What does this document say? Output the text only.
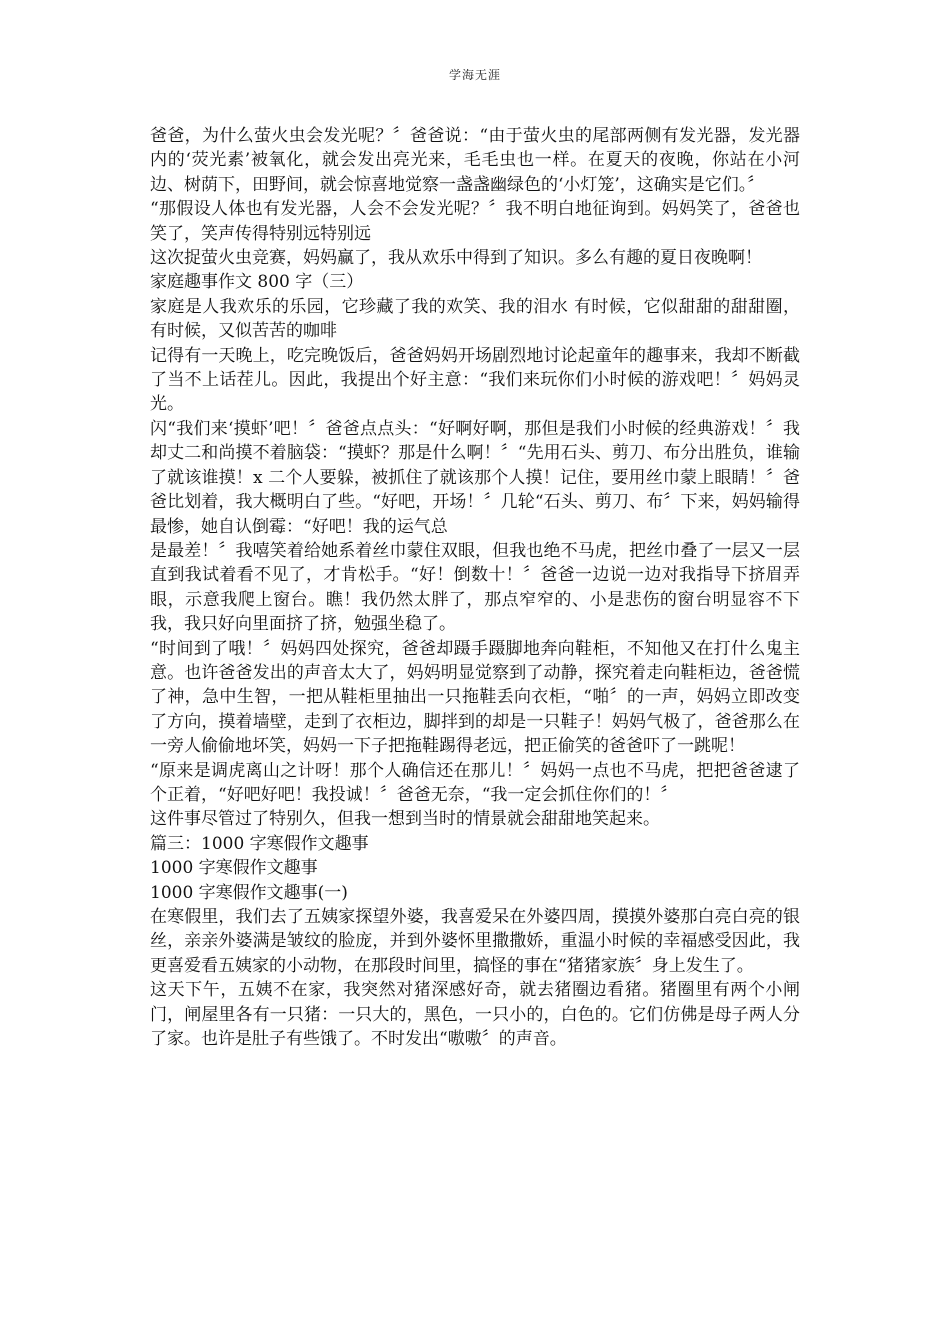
学海无涯

爸爸，为什么萤火虫会发光呢？〞爸爸说：“由于萤火虫的尾部两侧有发光器，发光器内的‘荧光素’被氧化，就会发出亮光来，毛毛虫也一样。在夏天的夜晚，你站在小河边、树荫下，田野间，就会惊喜地觉察一盏盏幽绿色的‘小灯笼’，这确实是它们。〞

“那假设人体也有发光器，人会不会发光呢？〞我不明白地征询到。妈妈笑了，爸爸也笑了，笑声传得特别远特别远

这次捉萤火虫竞赛，妈妈赢了，我从欢乐中得到了知识。多么有趣的夏日夜晚啊！

家庭趣事作文 800 字（三）

家庭是人我欢乐的乐园，它珍藏了我的欢笑、我的泪水 有时候，它似甜甜的甜甜圈，有时候，又似苦苦的咖啡

记得有一天晚上，吃完晚饭后，爸爸妈妈开场剧烈地讨论起童年的趣事来，我却不断截了当不上话茬儿。因此，我提出个好主意：“我们来玩你们小时候的游戏吧！〞妈妈灵光。

闪“我们来‘摸虾’吧！〞爸爸点点头：“好啊好啊，那但是我们小时候的经典游戏！〞我却丈二和尚摸不着脑袋：“摸虾？那是什么啊！〞“先用石头、剪刀、布分出胜负，谁输了就该谁摸！x 二个人要躲，被抓住了就该那个人摸！记住，要用丝巾蒙上眼睛！〞爸爸比划着，我大概明白了些。“好吧，开场！〞几轮“石头、剪刀、布〞下来，妈妈输得最惨，她自认倒霉：“好吧！我的运气总

是最差！〞我嘻笑着给她系着丝巾蒙住双眼，但我也绝不马虎，把丝巾叠了一层又一层直到我试着看不见了，才肯松手。“好！倒数十！〞爸爸一边说一边对我指导下挤眉弄眼，示意我爬上窗台。瞧！我仍然太胖了，那点窄窄的、小是悲伤的窗台明显容不下我，我只好向里面挤了挤，勉强坐稳了。

“时间到了哦！〞妈妈四处探究，爸爸却蹑手蹑脚地奔向鞋柜，不知他又在打什么鬼主意。也许爸爸发出的声音太大了，妈妈明显觉察到了动静，探究着走向鞋柜边，爸爸慌了神，急中生智，一把从鞋柜里抽出一只拖鞋丢向衣柜，“啪〞的一声，妈妈立即改变了方向，摸着墙壁，走到了衣柜边，脚拌到的却是一只鞋子！妈妈气极了，爸爸那么在一旁人偷偷地坏笑，妈妈一下子把拖鞋踢得老远，把正偷笑的爸爸吓了一跳呢！

“原来是调虎离山之计呀！那个人确信还在那儿！〞妈妈一点也不马虎，把把爸爸逮了个正着，“好吧好吧！我投诚！〞爸爸无奈，“我一定会抓住你们的！〞

这件事尽管过了特别久，但我一想到当时的情景就会甜甜地笑起来。

篇三：1000 字寒假作文趣事

1000 字寒假作文趣事

1000 字寒假作文趣事(一)

在寒假里，我们去了五姨家探望外婆，我喜爱呆在外婆四周，摸摸外婆那白亮白亮的银丝，亲亲外婆满是皱纹的脸庞，并到外婆怀里撒撒娇，重温小时候的幸福感受因此，我更喜爱看五姨家的小动物，在那段时间里，搞怪的事在“猪猪家族〞身上发生了。

这天下午，五姨不在家，我突然对猪深感好奇，就去猪圈边看猪。猪圈里有两个小闸门，闸屋里各有一只猪：一只大的，黑色，一只小的，白色的。它们仿佛是母子两人分了家。也许是肚子有些饿了。不时发出“嗷嗷〞的声音。
